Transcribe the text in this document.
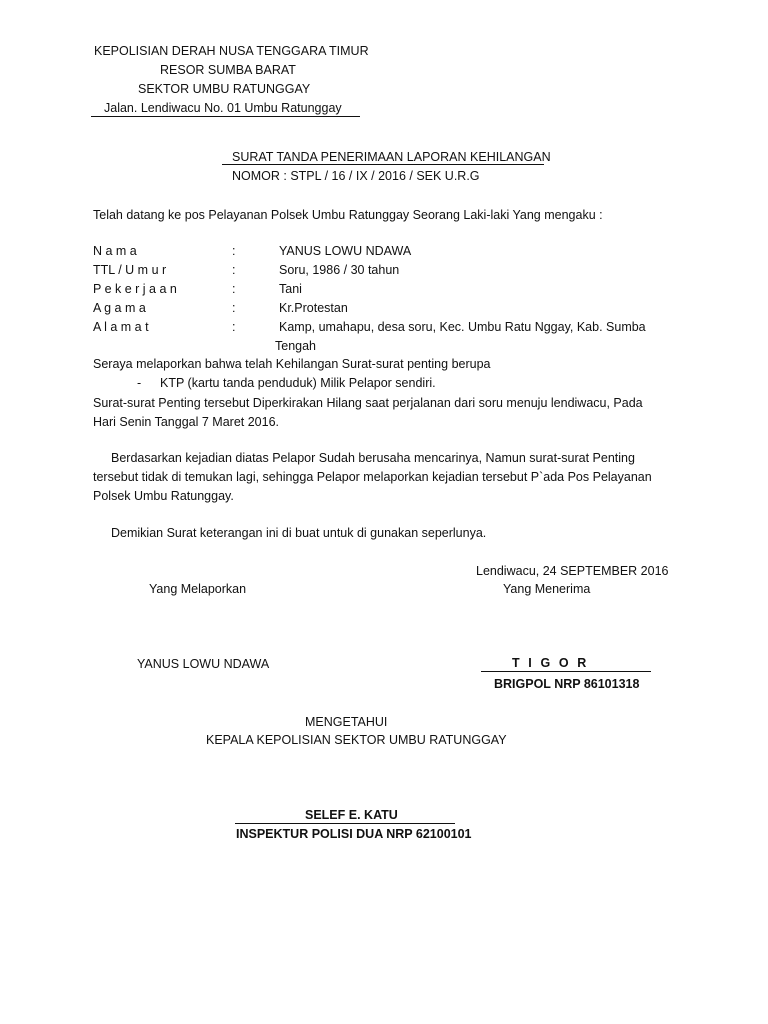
KEPOLISIAN DERAH NUSA TENGGARA TIMUR
RESOR SUMBA BARAT
SEKTOR UMBU RATUNGGAY
Jalan. Lendiwacu No. 01 Umbu Ratunggay
SURAT TANDA PENERIMAAN LAPORAN KEHILANGAN
NOMOR : STPL / 16 / IX / 2016 / SEK U.R.G
Telah datang ke pos Pelayanan Polsek Umbu Ratunggay Seorang Laki-laki Yang mengaku :
N a m a	:	YANUS LOWU NDAWA
TTL / U m u r	:	Soru, 1986 / 30 tahun
P e k e r j a a n	:	Tani
A g a m a	:	Kr.Protestan
A l a m a t	:	Kamp, umahapu, desa soru, Kec. Umbu Ratu Nggay, Kab. Sumba
Tengah
Seraya melaporkan bahwa telah Kehilangan Surat-surat penting berupa
- KTP (kartu tanda penduduk) Milik Pelapor sendiri.
Surat-surat Penting tersebut Diperkirakan Hilang saat perjalanan dari soru menuju lendiwacu, Pada
Hari Senin Tanggal 7 Maret 2016.
Berdasarkan kejadian diatas Pelapor Sudah berusaha mencarinya, Namun surat-surat Penting
tersebut tidak di temukan lagi, sehingga Pelapor melaporkan kejadian tersebut P`ada Pos Pelayanan
Polsek Umbu Ratunggay.
Demikian Surat keterangan ini di buat untuk di gunakan seperlunya.
Lendiwacu, 24 SEPTEMBER 2016
Yang Melaporkan	Yang Menerima
YANUS LOWU NDAWA	T I G O R
BRIGPOL NRP 86101318
MENGETAHUI
KEPALA KEPOLISIAN SEKTOR UMBU RATUNGGAY
SELEF E. KATU
INSPEKTUR POLISI DUA NRP 62100101
